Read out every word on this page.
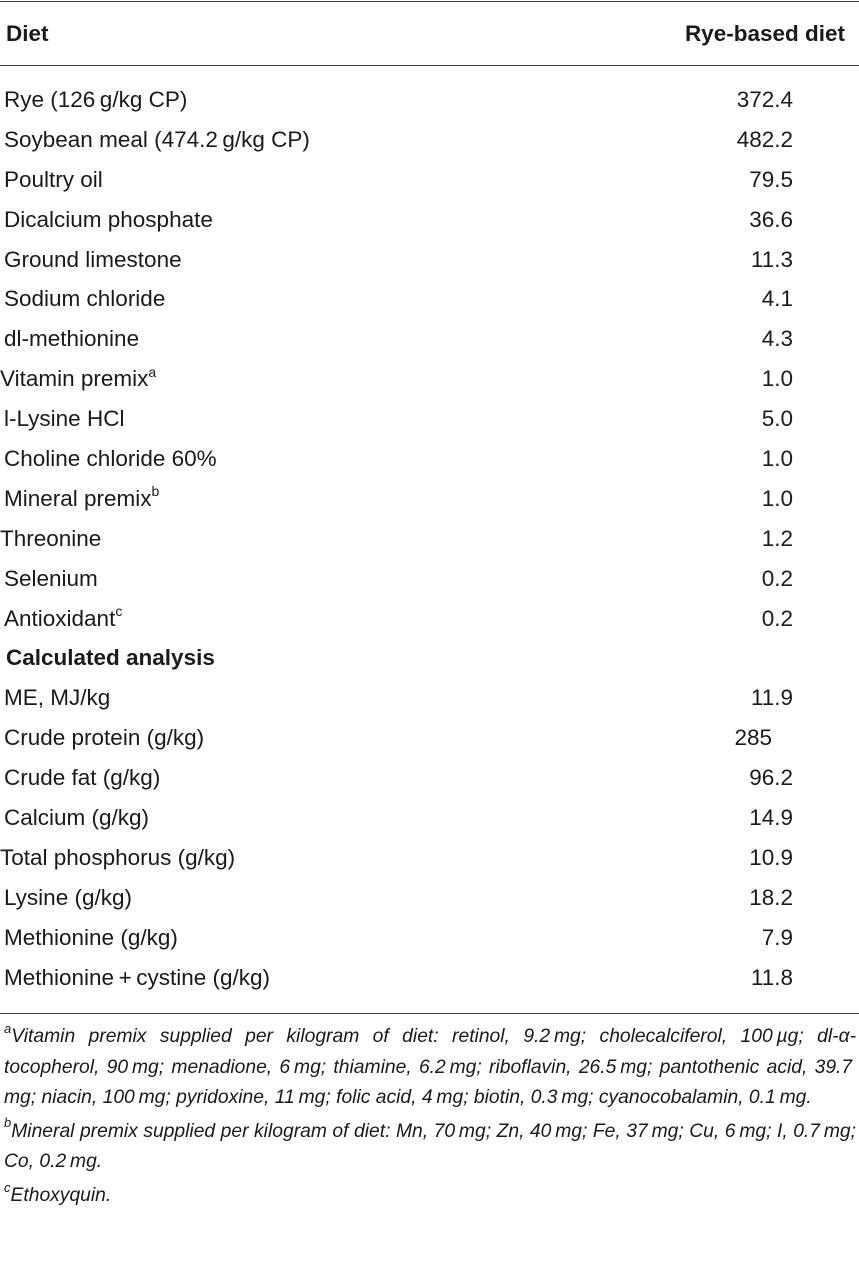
Diet	Rye-based diet
Rye (126 g/kg CP)	372.4
Soybean meal (474.2 g/kg CP)	482.2
Poultry oil	79.5
Dicalcium phosphate	36.6
Ground limestone	11.3
Sodium chloride	4.1
dl-methionine	4.3
Vitamin premix$^a$	1.0
l-Lysine HCl	5.0
Choline chloride 60%	1.0
Mineral premix$^b$	1.0
Threonine	1.2
Selenium	0.2
Antioxidant$^c$	0.2
Calculated analysis
ME, MJ/kg	11.9
Crude protein (g/kg)	285
Crude fat (g/kg)	96.2
Calcium (g/kg)	14.9
Total phosphorus (g/kg)	10.9
Lysine (g/kg)	18.2
Methionine (g/kg)	7.9
Methionine + cystine (g/kg)	11.8

$^a$Vitamin premix supplied per kilogram of diet: retinol, 9.2 mg; cholecalciferol, 100 µg; dl-α-tocopherol, 90 mg; menadione, 6 mg; thiamine, 6.2 mg; riboflavin, 26.5 mg; pantothenic acid, 39.7 mg; niacin, 100 mg; pyridoxine, 11 mg; folic acid, 4 mg; biotin, 0.3 mg; cyanocobalamin, 0.1 mg.

$^b$Mineral premix supplied per kilogram of diet: Mn, 70 mg; Zn, 40 mg; Fe, 37 mg; Cu, 6 mg; I, 0.7 mg; Co, 0.2 mg.

$^c$Ethoxyquin.
